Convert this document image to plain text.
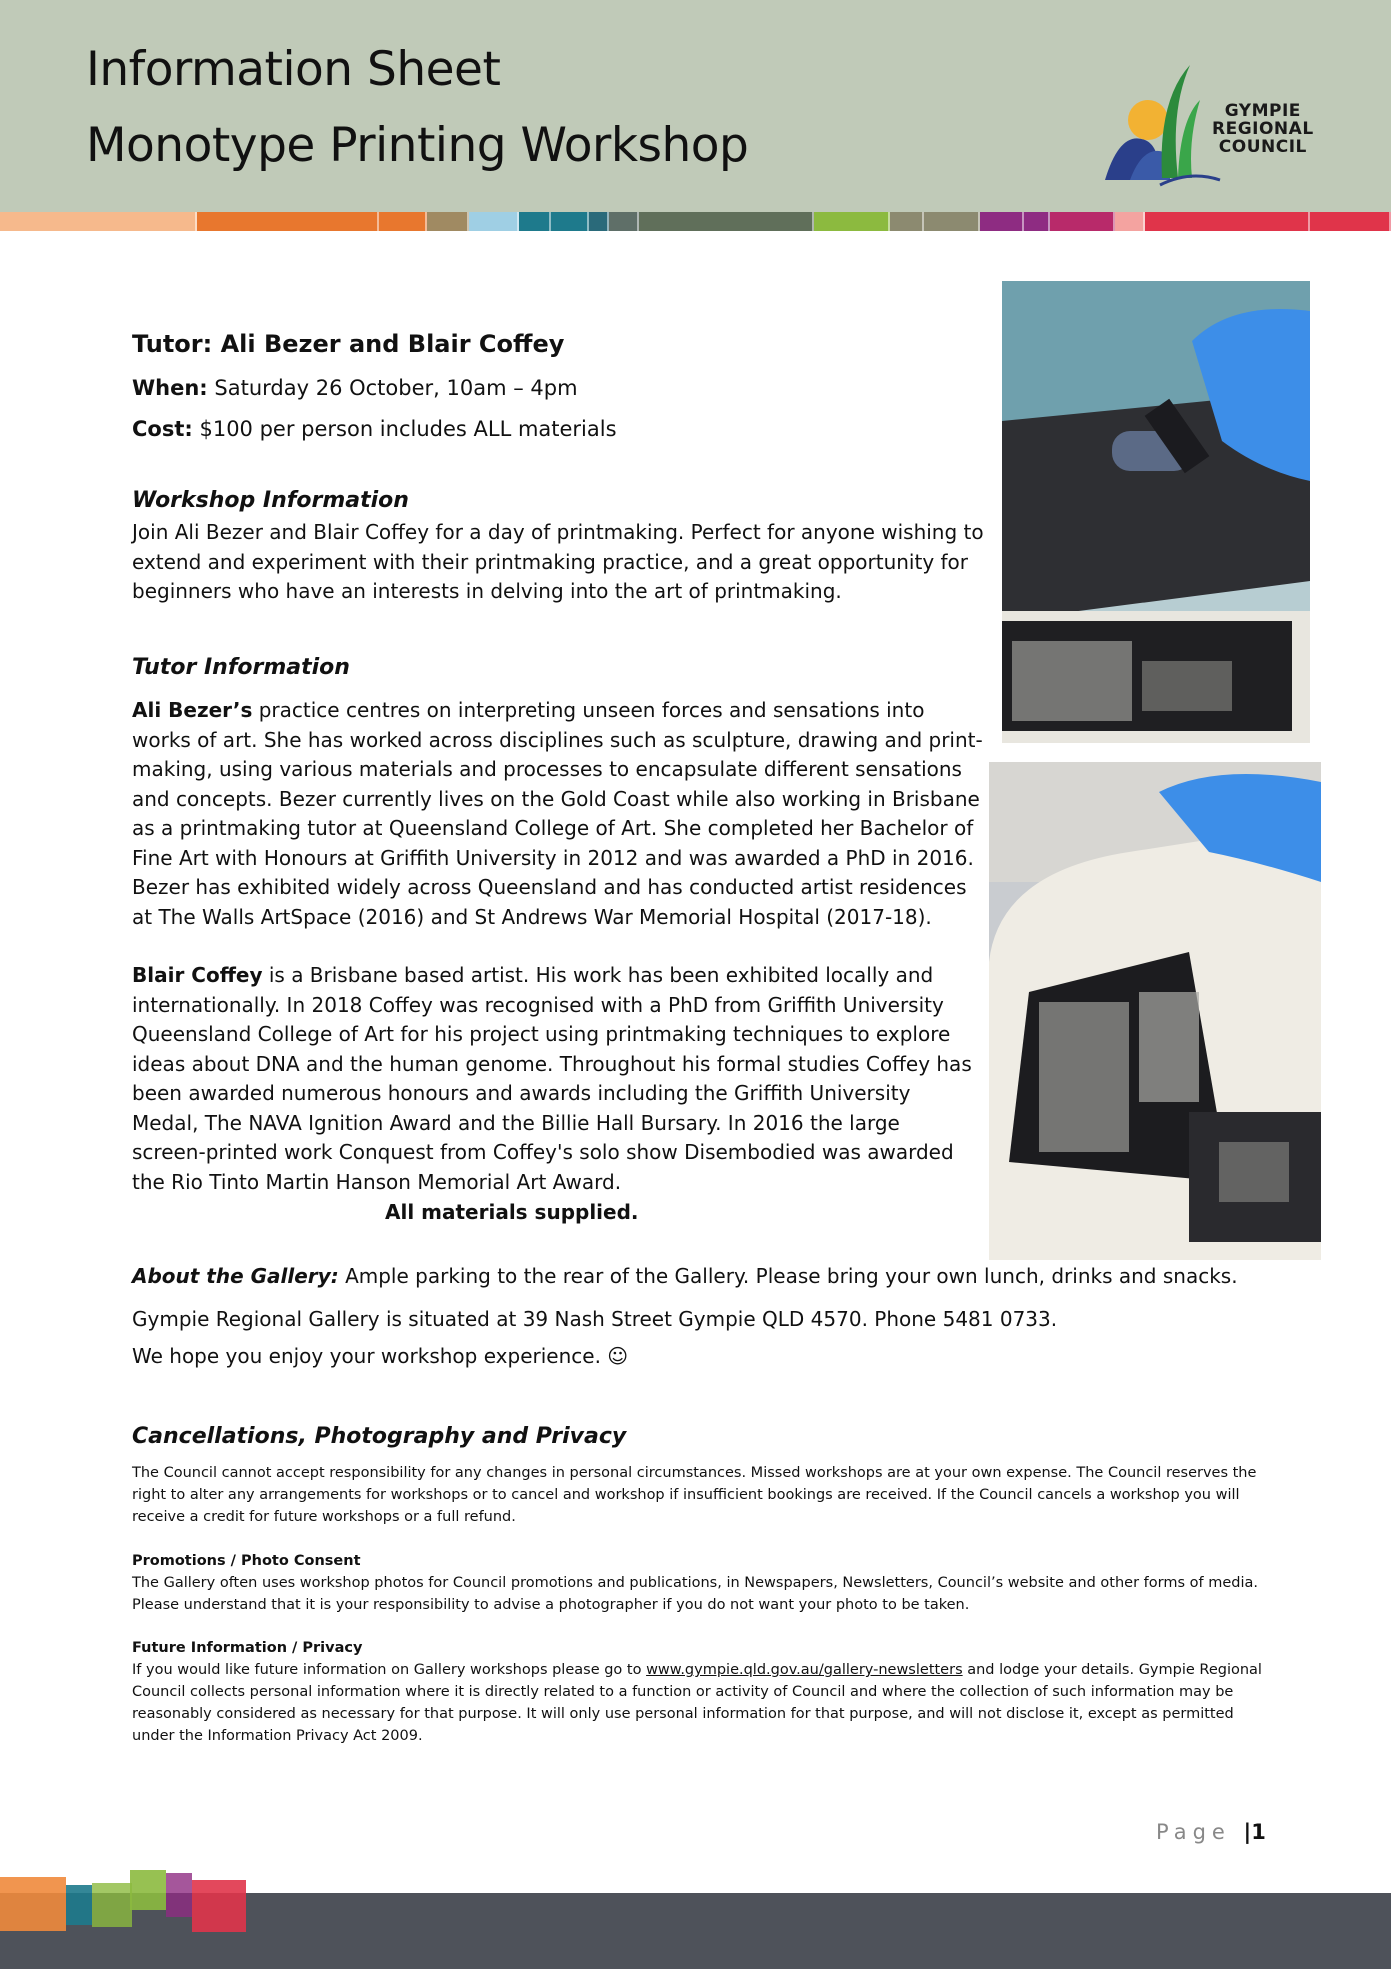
Information Sheet
Monotype Printing Workshop
GYMPIE
REGIONAL
COUNCIL
Tutor: Ali Bezer and Blair Coffey
When: Saturday 26 October, 10am – 4pm
Cost: $100 per person includes ALL materials
Workshop Information
Join Ali Bezer and Blair Coffey for a day of printmaking. Perfect for anyone wishing to extend and experiment with their printmaking practice, and a great opportunity for beginners who have an interests in delving into the art of printmaking.
Tutor Information
Ali Bezer’s practice centres on interpreting unseen forces and sensations into works of art. She has worked across disciplines such as sculpture, drawing and print-making, using various materials and processes to encapsulate different sensations and concepts. Bezer currently lives on the Gold Coast while also working in Brisbane as a printmaking tutor at Queensland College of Art. She completed her Bachelor of Fine Art with Honours at Griffith University in 2012 and was awarded a PhD in 2016. Bezer has exhibited widely across Queensland and has conducted artist residences at The Walls ArtSpace (2016) and St Andrews War Memorial Hospital (2017-18).
Blair Coffey is a Brisbane based artist. His work has been exhibited locally and internationally. In 2018 Coffey was recognised with a PhD from Griffith University Queensland College of Art for his project using printmaking techniques to explore ideas about DNA and the human genome. Throughout his formal studies Coffey has been awarded numerous honours and awards including the Griffith University Medal, The NAVA Ignition Award and the Billie Hall Bursary. In 2016 the large screen-printed work Conquest from Coffey's solo show Disembodied was awarded the Rio Tinto Martin Hanson Memorial Art Award.
All materials supplied.
About the Gallery: Ample parking to the rear of the Gallery. Please bring your own lunch, drinks and snacks.
Gympie Regional Gallery is situated at 39 Nash Street Gympie QLD 4570. Phone 5481 0733.
We hope you enjoy your workshop experience. ☺
Cancellations, Photography and Privacy
The Council cannot accept responsibility for any changes in personal circumstances. Missed workshops are at your own expense. The Council reserves the right to alter any arrangements for workshops or to cancel and workshop if insufficient bookings are received. If the Council cancels a workshop you will receive a credit for future workshops or a full refund.
Promotions / Photo Consent
The Gallery often uses workshop photos for Council promotions and publications, in Newspapers, Newsletters, Council’s website and other forms of media. Please understand that it is your responsibility to advise a photographer if you do not want your photo to be taken.
Future Information / Privacy
If you would like future information on Gallery workshops please go to www.gympie.qld.gov.au/gallery-newsletters and lodge your details. Gympie Regional Council collects personal information where it is directly related to a function or activity of Council and where the collection of such information may be reasonably considered as necessary for that purpose. It will only use personal information for that purpose, and will not disclose it, except as permitted under the Information Privacy Act 2009.
Page |1
